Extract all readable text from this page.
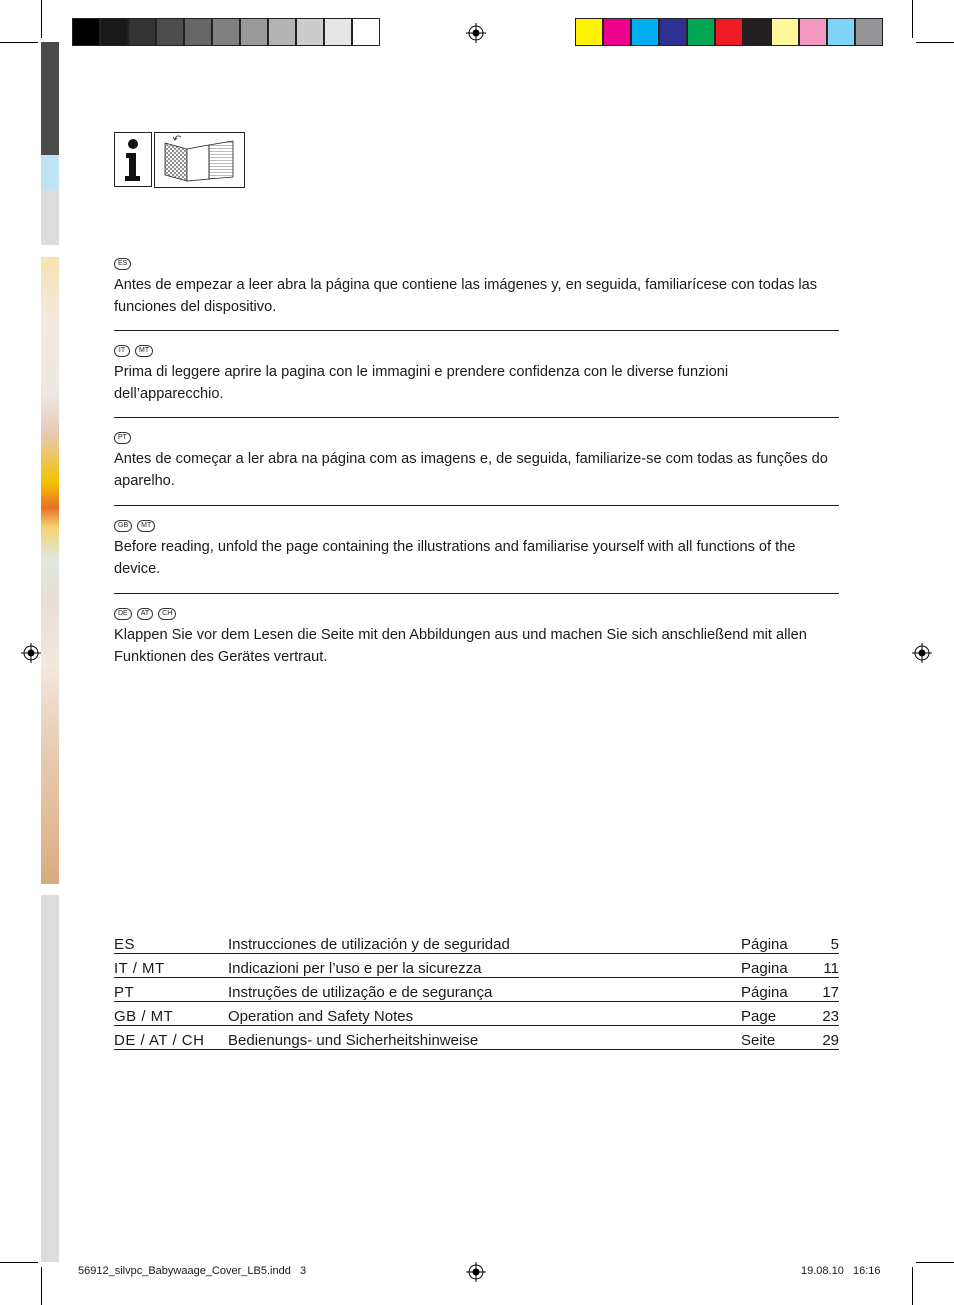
ES
Antes de empezar a leer abra la página que contiene las imágenes y, en seguida, familiarícese con todas las funciones del dispositivo.
IT	MT
Prima di leggere aprire la pagina con le immagini e prendere confidenza con le diverse funzioni dell’apparecchio.
PT
Antes de começar a ler abra na página com as imagens e, de seguida, familiarize-se com todas as funções do aparelho.
GB	MT
Before reading, unfold the page containing the illustrations and familiarise yourself with all functions of the device.
DE	AT	CH
Klappen Sie vor dem Lesen die Seite mit den Abbildungen aus und machen Sie sich anschließend mit allen Funktionen des Gerätes vertraut.
ES	Instrucciones de utilización y de seguridad	Página	5
IT / MT	Indicazioni per l’uso e per la sicurezza	Pagina	11
PT	Instruções de utilização e de segurança	Página	17
GB / MT	Operation and Safety Notes	Page	23
DE / AT / CH	Bedienungs- und Sicherheitshinweise	Seite	29
56912_silvpc_Babywaage_Cover_LB5.indd   3	19.08.10   16:16
